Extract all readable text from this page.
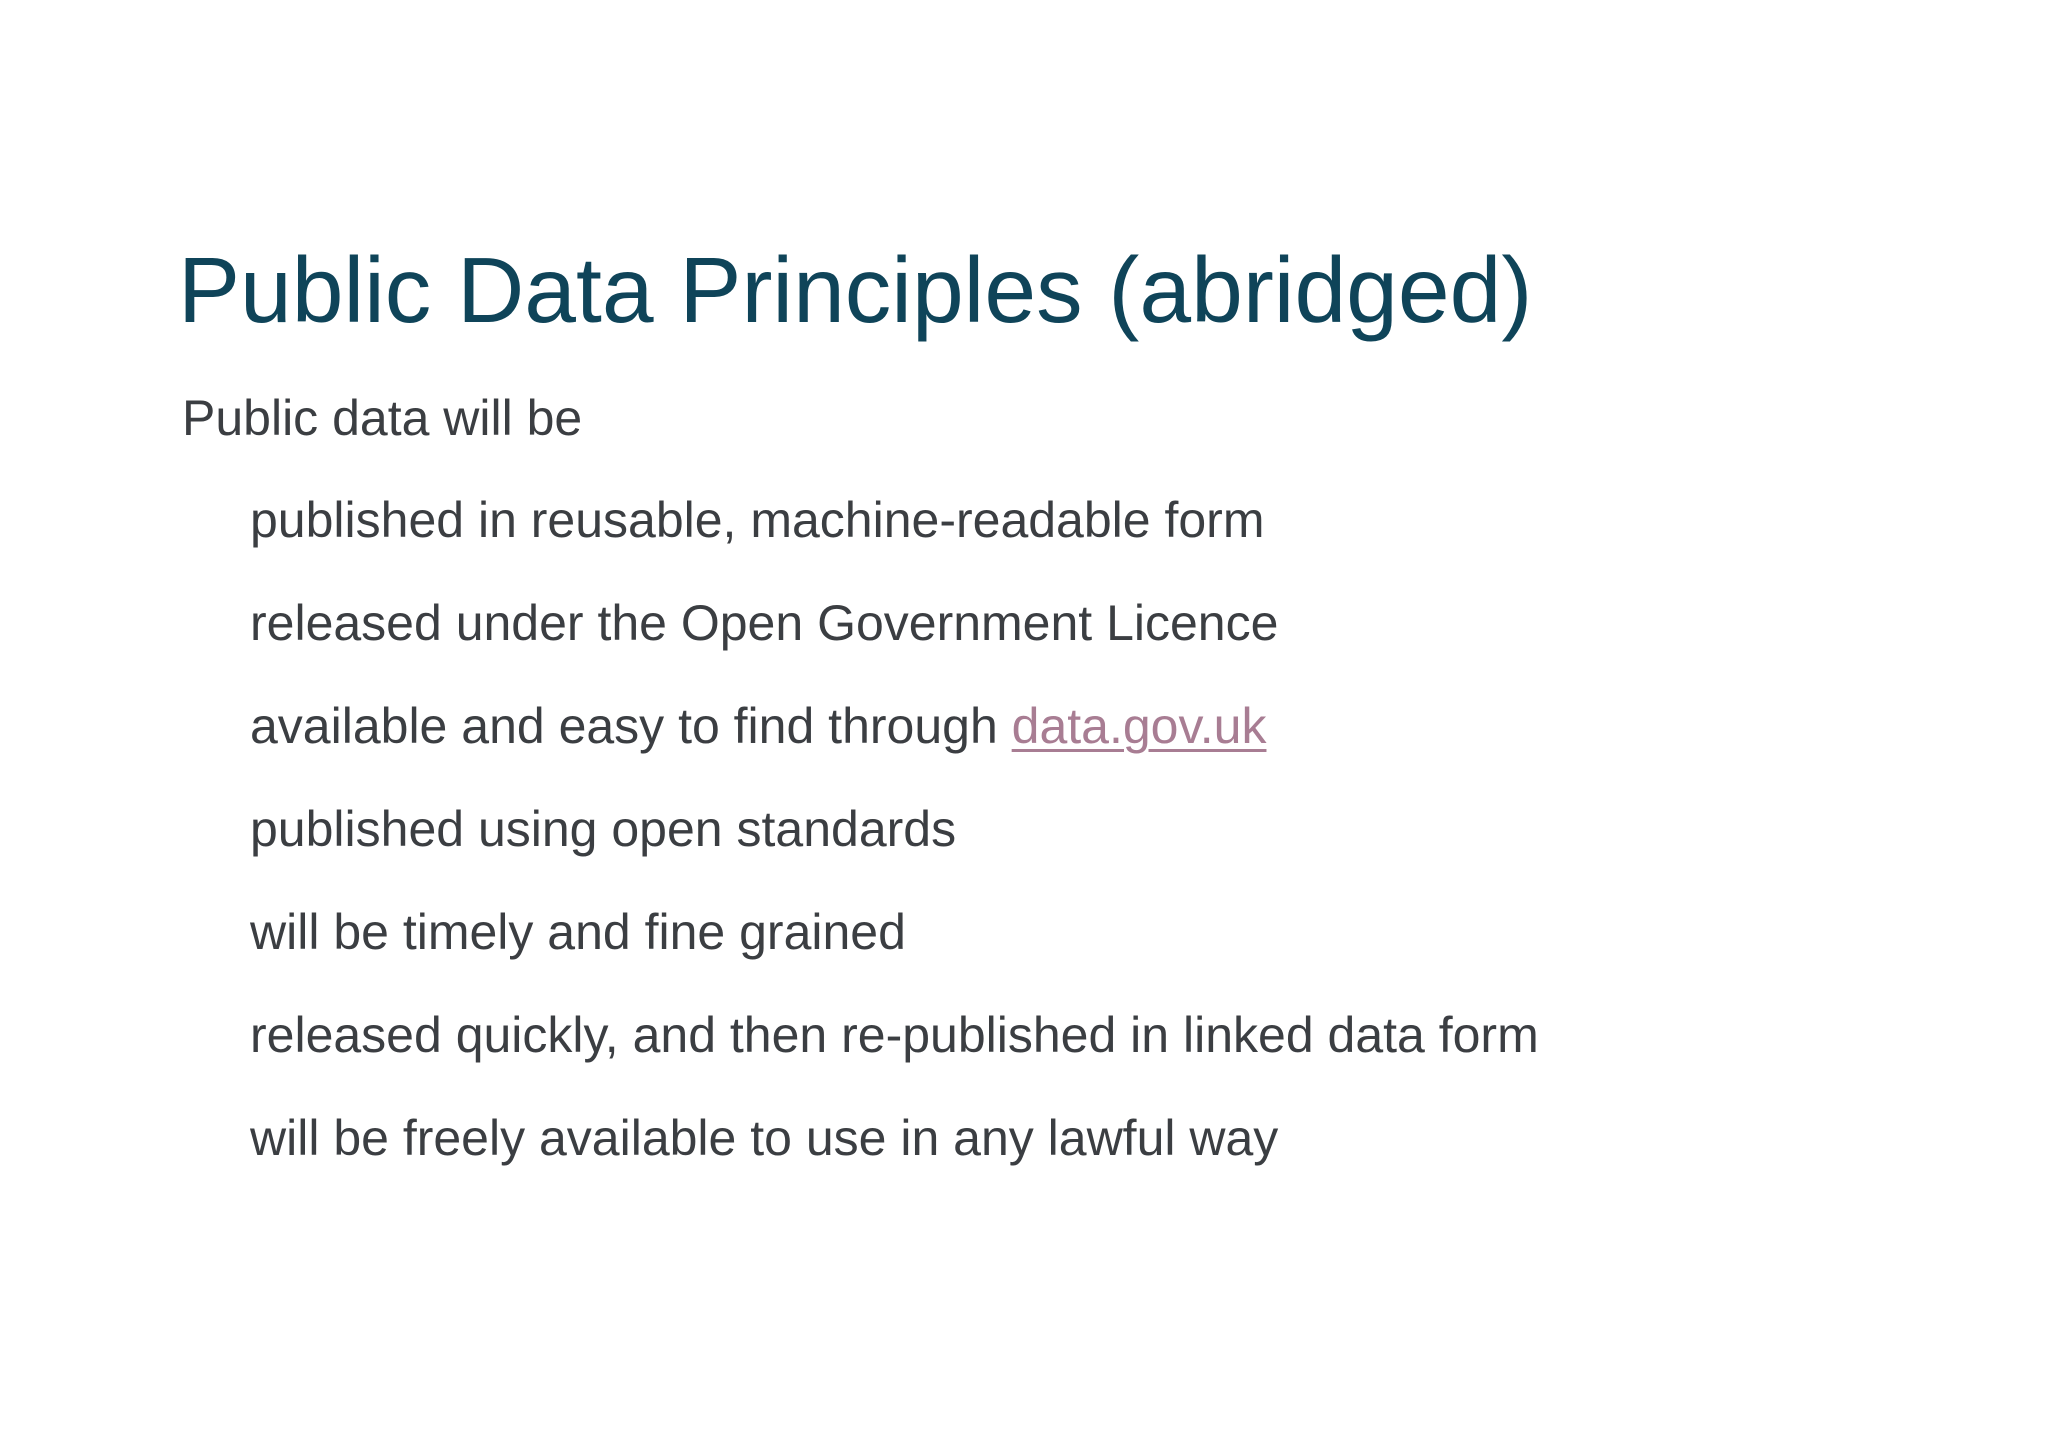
Public Data Principles (abridged)

Public data will be

published in reusable, machine-readable form
released under the Open Government Licence
available and easy to find through data.gov.uk
published using open standards
will be timely and fine grained
released quickly, and then re-published in linked data form
will be freely available to use in any lawful way
